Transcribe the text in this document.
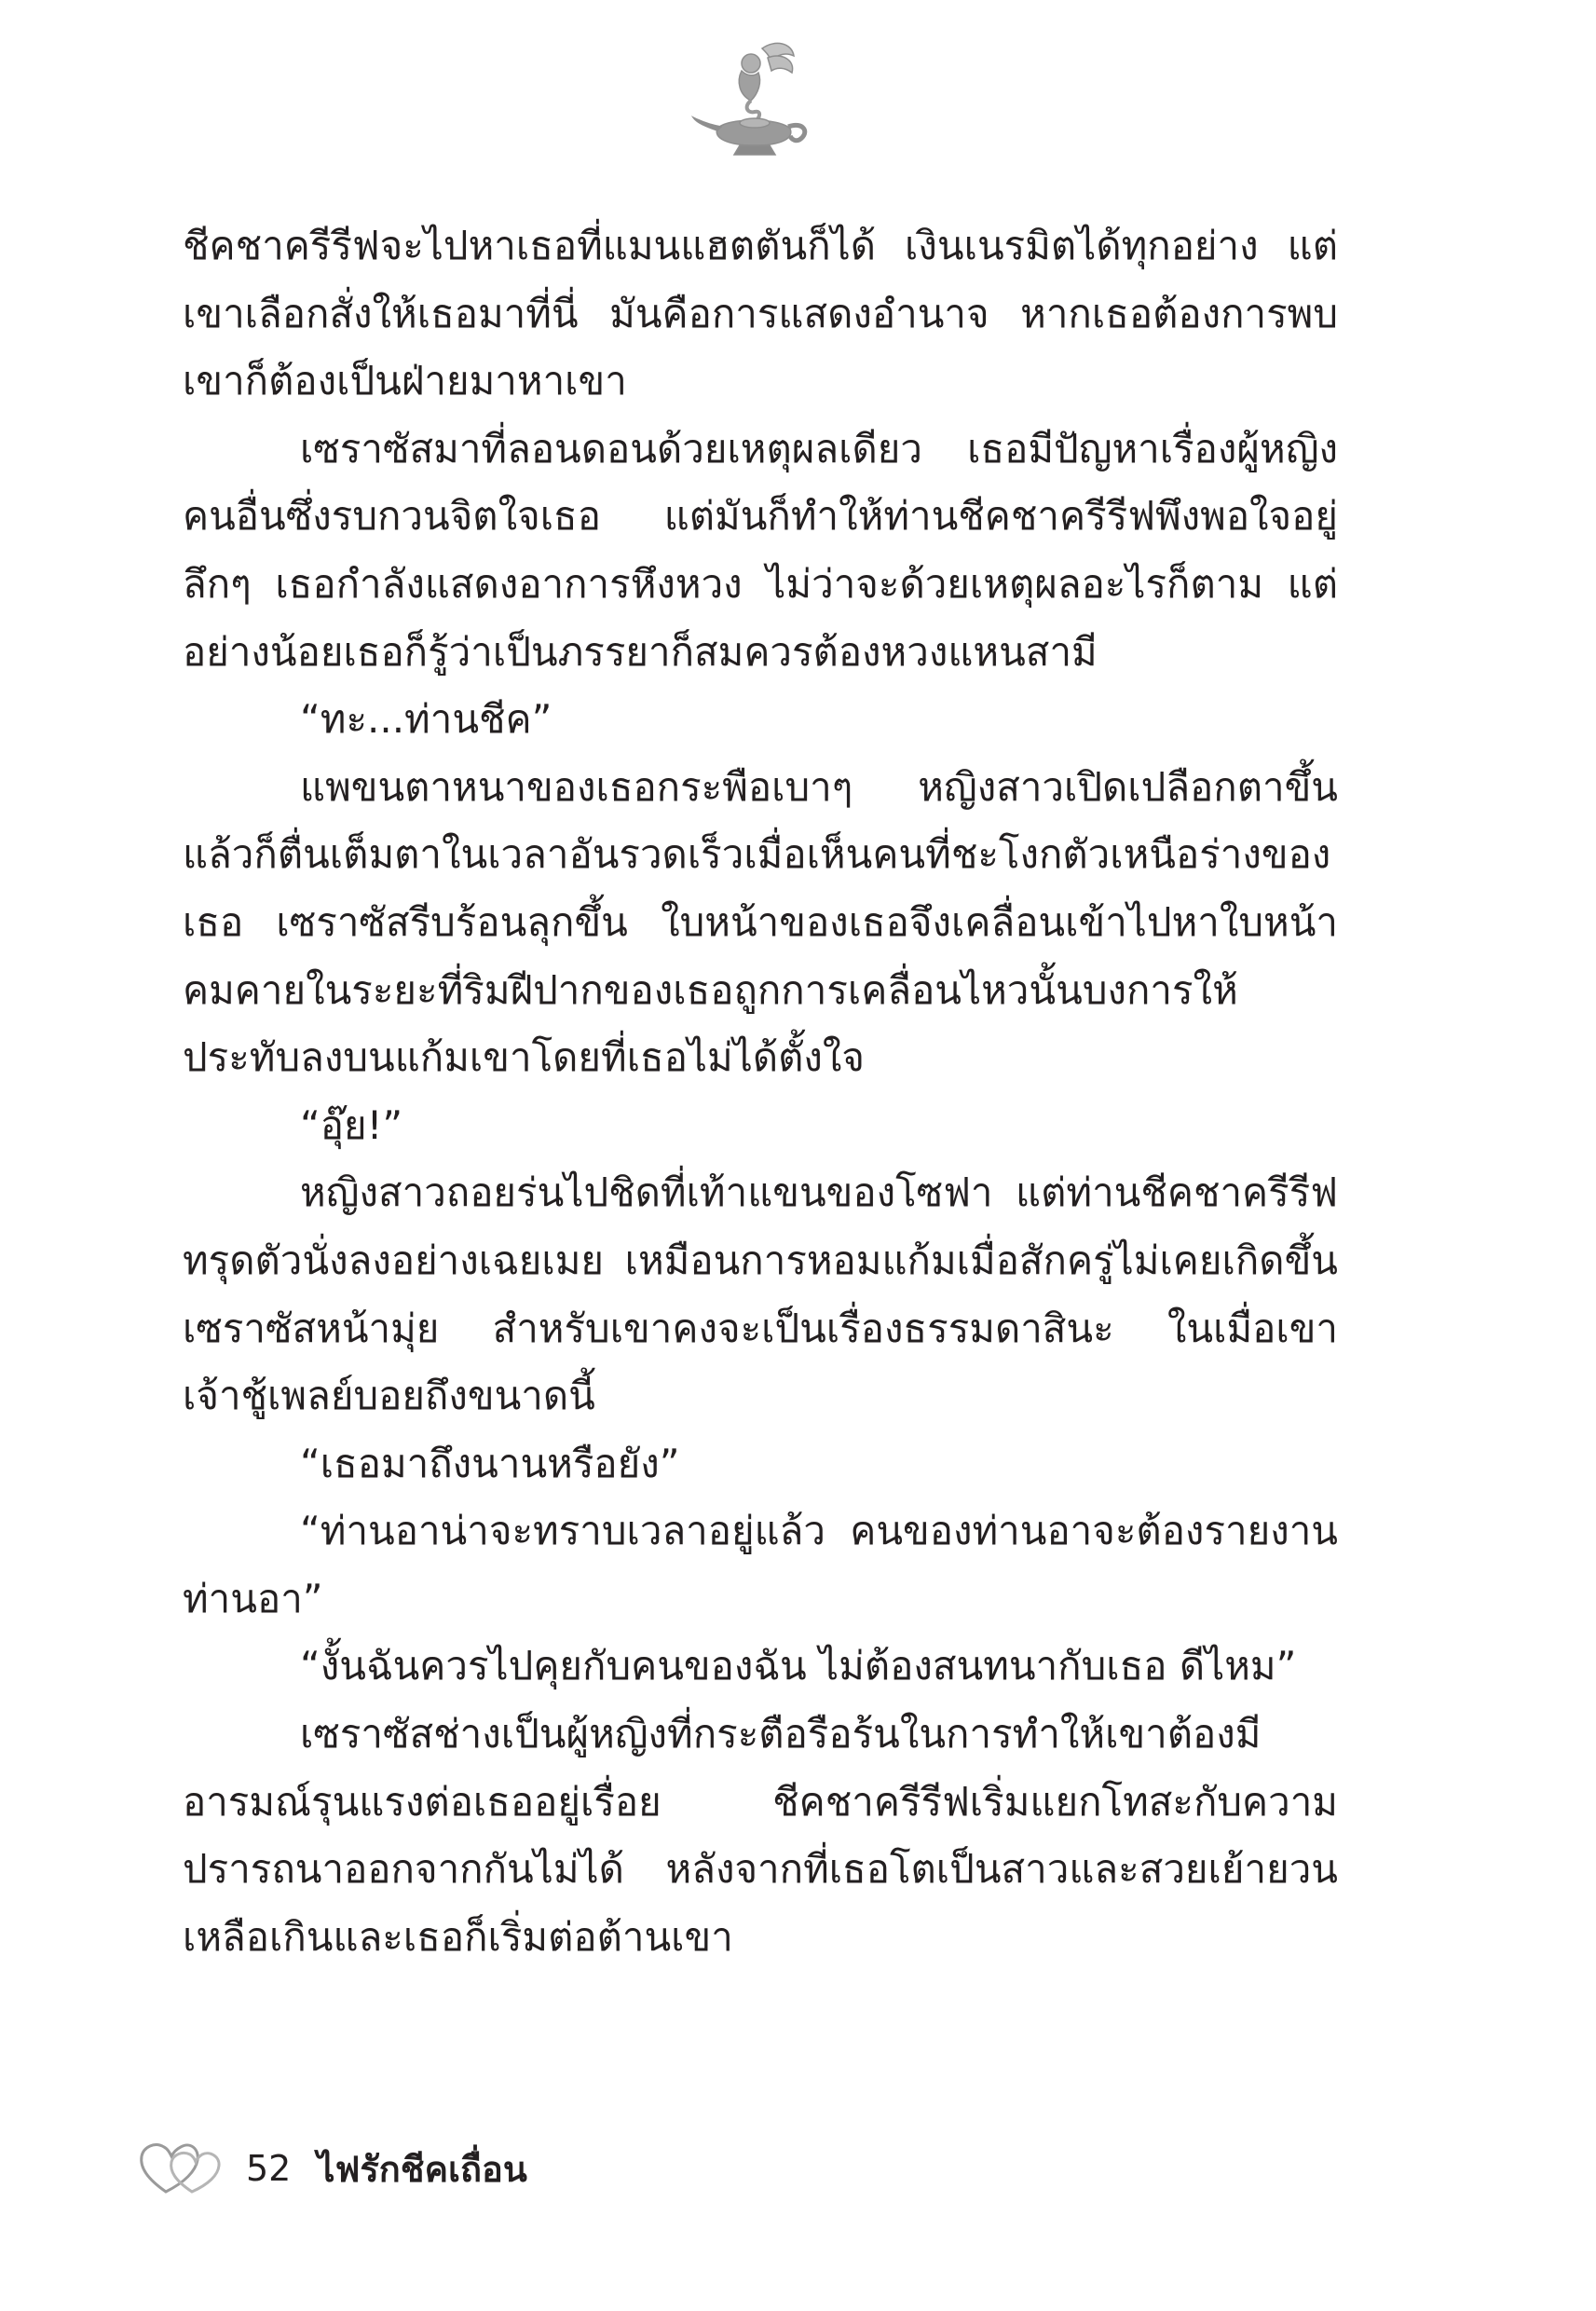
ชีคชาครีรีฟจะไปหาเธอที่แมนแฮตตันก็ได้ เงินเนรมิตได้ทุกอย่าง แต่เขาเลือกสั่งให้เธอมาที่นี่ มันคือการแสดงอำนาจ หากเธอต้องการพบเขาก็ต้องเป็นฝ่ายมาหาเขา

เซราซัสมาที่ลอนดอนด้วยเหตุผลเดียว เธอมีปัญหาเรื่องผู้หญิงคนอื่นซึ่งรบกวนจิตใจเธอ แต่มันก็ทำให้ท่านชีคชาครีรีฟพึงพอใจอยู่ลึกๆ เธอกำลังแสดงอาการหึงหวง ไม่ว่าจะด้วยเหตุผลอะไรก็ตาม แต่อย่างน้อยเธอก็รู้ว่าเป็นภรรยาก็สมควรต้องหวงแหนสามี

“ทะ...ท่านชีค”

แพขนตาหนาของเธอกระพือเบาๆ หญิงสาวเปิดเปลือกตาขึ้นแล้วก็ตื่นเต็มตาในเวลาอันรวดเร็วเมื่อเห็นคนที่ชะโงกตัวเหนือร่างของเธอ เซราซัสรีบร้อนลุกขึ้น ใบหน้าของเธอจึงเคลื่อนเข้าไปหาใบหน้าคมคายในระยะที่ริมฝีปากของเธอถูกการเคลื่อนไหวนั้นบงการให้ประทับลงบนแก้มเขาโดยที่เธอไม่ได้ตั้งใจ

“อุ๊ย!”

หญิงสาวถอยร่นไปชิดที่เท้าแขนของโซฟา แต่ท่านชีคชาครีรีฟทรุดตัวนั่งลงอย่างเฉยเมย เหมือนการหอมแก้มเมื่อสักครู่ไม่เคยเกิดขึ้น เซราซัสหน้ามุ่ย สำหรับเขาคงจะเป็นเรื่องธรรมดาสินะ ในเมื่อเขาเจ้าชู้เพลย์บอยถึงขนาดนี้

“เธอมาถึงนานหรือยัง”

“ท่านอาน่าจะทราบเวลาอยู่แล้ว คนของท่านอาจะต้องรายงานท่านอา”

“งั้นฉันควรไปคุยกับคนของฉัน ไม่ต้องสนทนากับเธอ ดีไหม”

เซราซัสช่างเป็นผู้หญิงที่กระตือรือร้นในการทำให้เขาต้องมีอารมณ์รุนแรงต่อเธออยู่เรื่อย ชีคชาครีรีฟเริ่มแยกโทสะกับความปรารถนาออกจากกันไม่ได้ หลังจากที่เธอโตเป็นสาวและสวยเย้ายวนเหลือเกินและเธอก็เริ่มต่อต้านเขา

52 ไฟรักชีคเถื่อน
